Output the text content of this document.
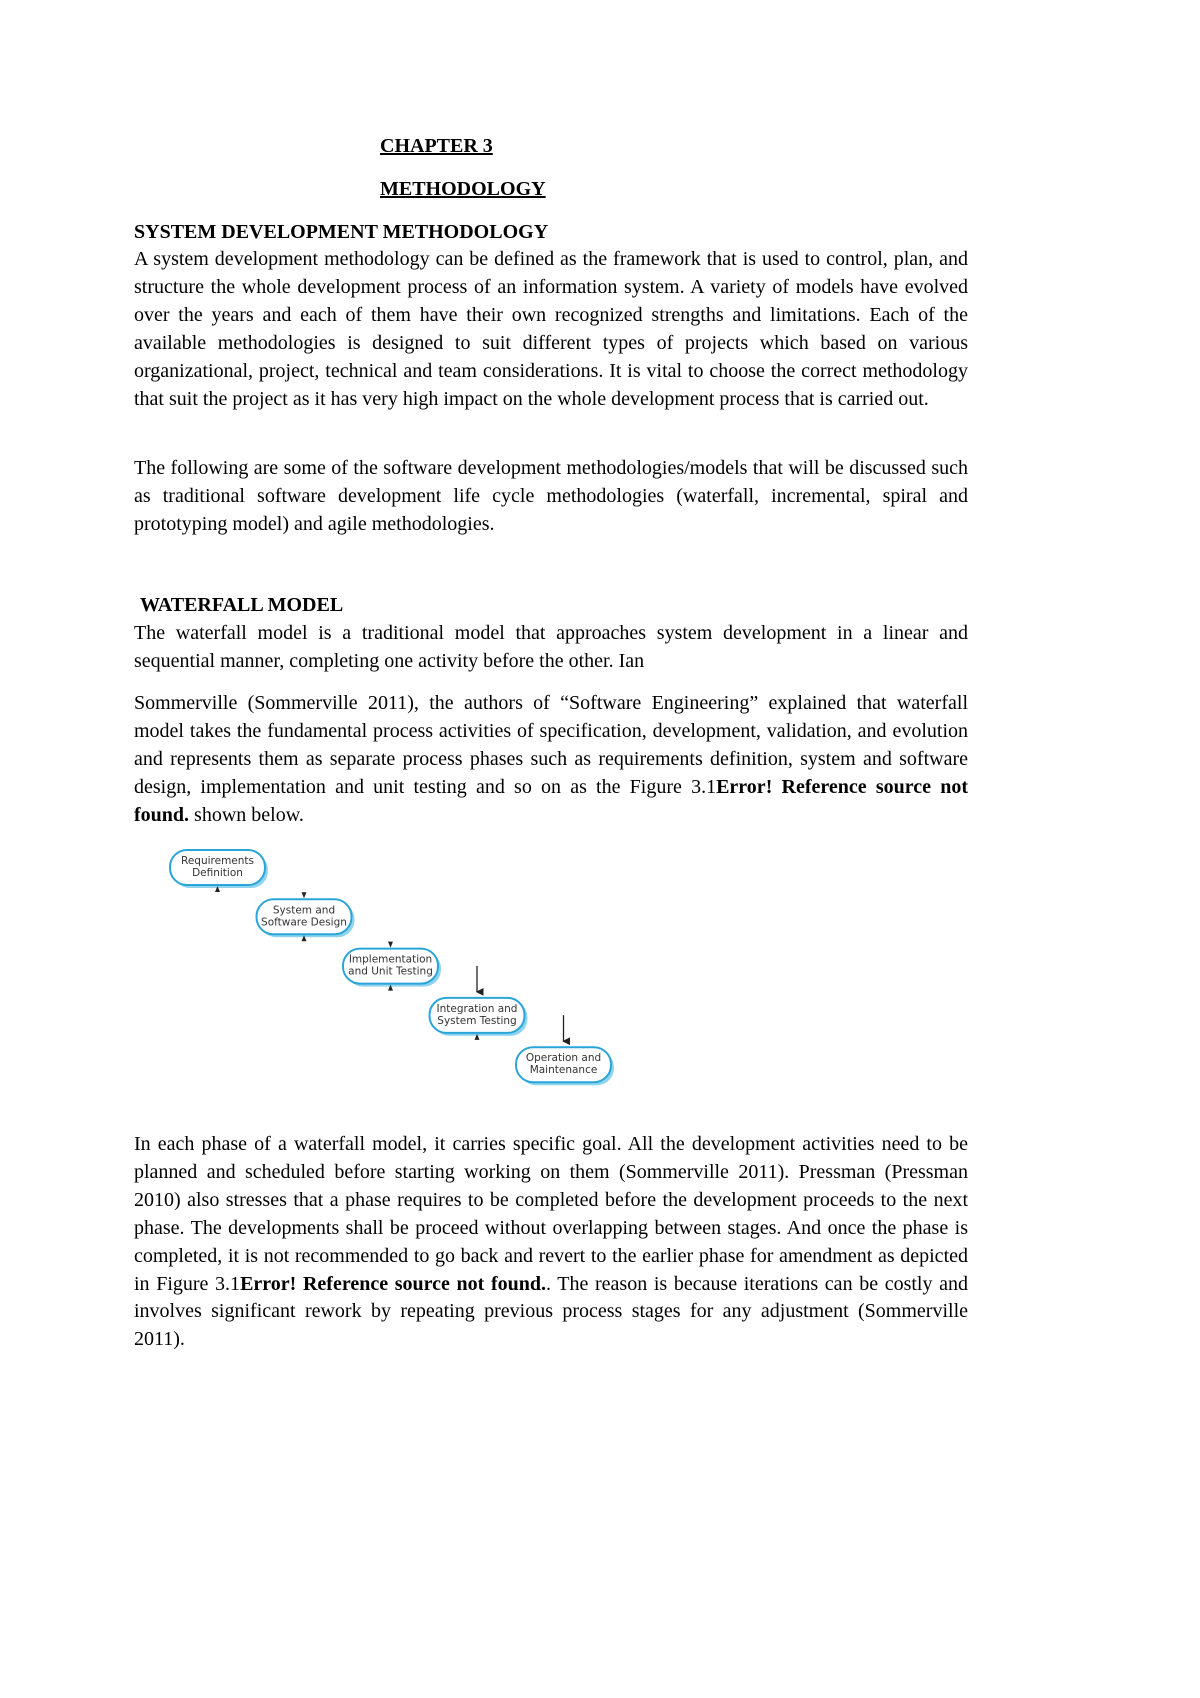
CHAPTER 3
METHODOLOGY
SYSTEM DEVELOPMENT METHODOLOGY

A system development methodology can be defined as the framework that is used to control, plan, and structure the whole development process of an information system. A variety of models have evolved over the years and each of them have their own recognized strengths and limitations. Each of the available methodologies is designed to suit different types of projects which based on various organizational, project, technical and team considerations. It is vital to choose the correct methodology that suit the project as it has very high impact on the whole development process that is carried out.

The following are some of the software development methodologies/models that will be discussed such as traditional software development life cycle methodologies (waterfall, incremental, spiral and prototyping model) and agile methodologies.

WATERFALL MODEL

The waterfall model is a traditional model that approaches system development in a linear and sequential manner, completing one activity before the other. Ian

Sommerville (Sommerville 2011), the authors of “Software Engineering” explained that waterfall model takes the fundamental process activities of specification, development, validation, and evolution and represents them as separate process phases such as requirements definition, system and software design, implementation and unit testing and so on as the Figure 3.1Error! Reference source not found. shown below.

Requirements
Definition
System and
Software Design
Implementation
and Unit Testing
Integration and
System Testing
Operation and
Maintenance

In each phase of a waterfall model, it carries specific goal. All the development activities need to be planned and scheduled before starting working on them (Sommerville 2011). Pressman (Pressman 2010) also stresses that a phase requires to be completed before the development proceeds to the next phase. The developments shall be proceed without overlapping between stages. And once the phase is completed, it is not recommended to go back and revert to the earlier phase for amendment as depicted in Figure 3.1Error! Reference source not found.. The reason is because iterations can be costly and involves significant rework by repeating previous process stages for any adjustment (Sommerville 2011).
